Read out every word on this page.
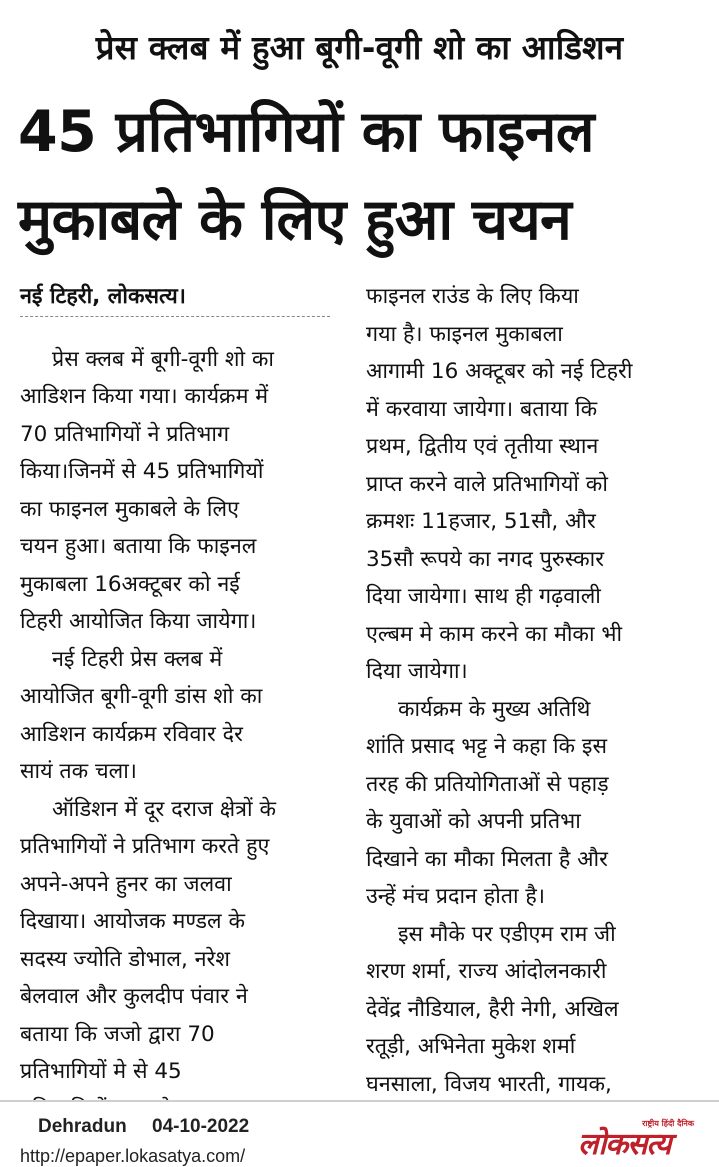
प्रेस क्लब में हुआ बूगी-वूगी शो का आडिशन
45 प्रतिभागियों का फाइनल
मुकाबले के लिए हुआ चयन
नई टिहरी, लोकसत्य।
प्रेस क्लब में बूगी-वूगी शो का
आडिशन किया गया। कार्यक्रम में
70 प्रतिभागियों ने प्रतिभाग
किया।जिनमें से 45 प्रतिभागियों
का फाइनल मुकाबले के लिए
चयन हुआ। बताया कि फाइनल
मुकाबला 16अक्टूबर को नई
टिहरी आयोजित किया जायेगा।
नई टिहरी प्रेस क्लब में
आयोजित बूगी-वूगी डांस शो का
आडिशन कार्यक्रम रविवार देर
सायं तक चला।
ऑडिशन में दूर दराज क्षेत्रों के
प्रतिभागियों ने प्रतिभाग करते हुए
अपने-अपने हुनर का जलवा
दिखाया। आयोजक मण्डल के
सदस्य ज्योति डोभाल, नरेश
बेलवाल और कुलदीप पंवार ने
बताया कि जजो द्वारा 70
प्रतिभागियों मे से 45
फाइनल राउंड के लिए किया
गया है। फाइनल मुकाबला
आगामी 16 अक्टूबर को नई टिहरी
में करवाया जायेगा। बताया कि
प्रथम, द्वितीय एवं तृतीया स्थान
प्राप्त करने वाले प्रतिभागियों को
क्रमशः 11हजार, 51सौ, और
35सौ रूपये का नगद पुरुस्कार
दिया जायेगा। साथ ही गढ़वाली
एल्बम मे काम करने का मौका भी
दिया जायेगा।
कार्यक्रम के मुख्य अतिथि
शांति प्रसाद भट्ट ने कहा कि इस
तरह की प्रतियोगिताओं से पहाड़
के युवाओं को अपनी प्रतिभा
दिखाने का मौका मिलता है और
उन्हें मंच प्रदान होता है।
इस मौके पर एडीएम राम जी
शरण शर्मा, राज्य आंदोलनकारी
देवेंद्र नौडियाल, हैरी नेगी, अखिल
रतूड़ी, अभिनेता मुकेश शर्मा
घनसाला, विजय भारती, गायक,
Dehradun 04-10-2022
http://epaper.lokasatya.com/
राष्ट्रीय हिंदी दैनिक
लोकसत्य
